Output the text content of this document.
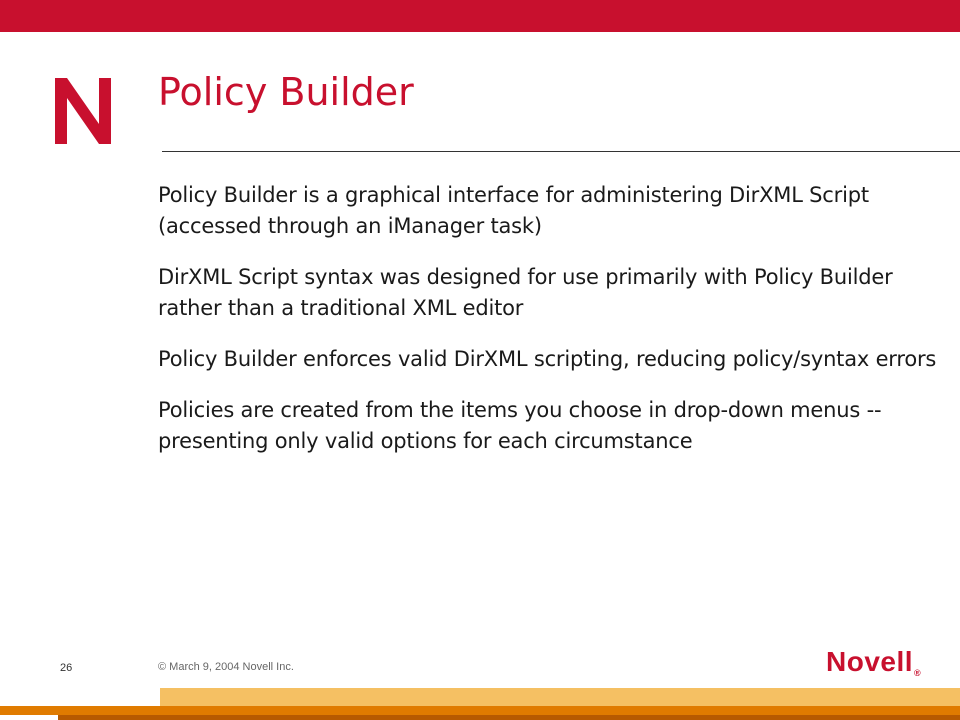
Policy Builder
Policy Builder is a graphical interface for administering DirXML Script (accessed through an iManager task)
DirXML Script syntax was designed for use primarily with Policy Builder rather than a traditional XML editor
Policy Builder enforces valid DirXML scripting, reducing policy/syntax errors
Policies are created from the items you choose in drop-down menus -- presenting only valid options for each circumstance
26	© March 9, 2004 Novell Inc.	Novell®
